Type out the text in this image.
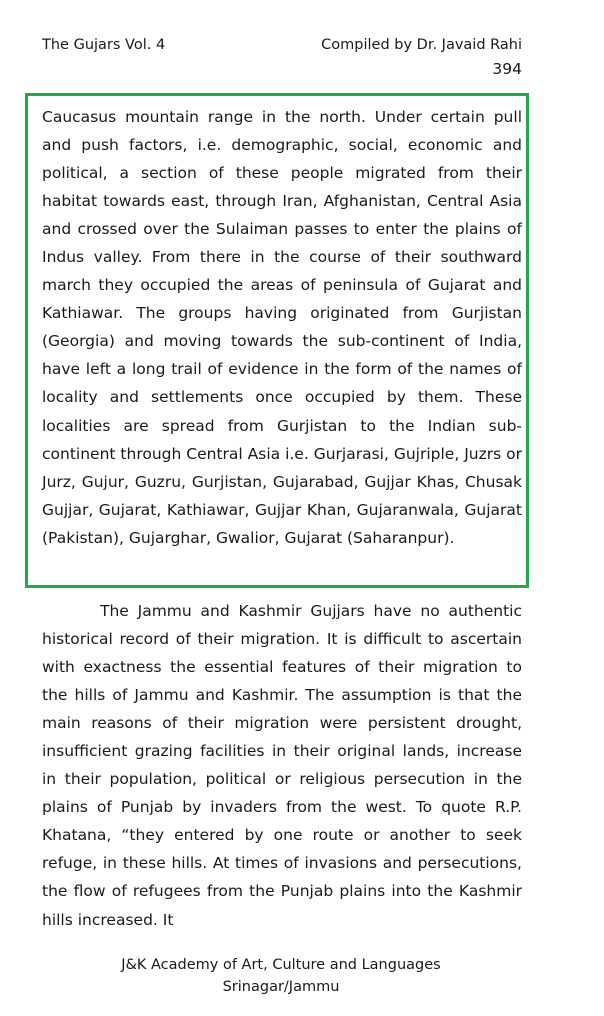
The Gujars Vol. 4	Compiled by Dr. Javaid Rahi
394

Caucasus mountain range in the north. Under certain pull and push factors, i.e. demographic, social, economic and political, a section of these people migrated from their habitat towards east, through Iran, Afghanistan, Central Asia and crossed over the Sulaiman passes to enter the plains of Indus valley. From there in the course of their southward march they occupied the areas of peninsula of Gujarat and Kathiawar. The groups having originated from Gurjistan (Georgia) and moving towards the sub-continent of India, have left a long trail of evidence in the form of the names of locality and settlements once occupied by them. These localities are spread from Gurjistan to the Indian sub-continent through Central Asia i.e. Gurjarasi, Gujriple, Juzrs or Jurz, Gujur, Guzru, Gurjistan, Gujarabad, Gujjar Khas, Chusak Gujjar, Gujarat, Kathiawar, Gujjar Khan, Gujaranwala, Gujarat (Pakistan), Gujarghar, Gwalior, Gujarat (Saharanpur).

The Jammu and Kashmir Gujjars have no authentic historical record of their migration. It is difficult to ascertain with exactness the essential features of their migration to the hills of Jammu and Kashmir. The assumption is that the main reasons of their migration were persistent drought, insufficient grazing facilities in their original lands, increase in their population, political or religious persecution in the plains of Punjab by invaders from the west. To quote R.P. Khatana, “they entered by one route or another to seek refuge, in these hills. At times of invasions and persecutions, the flow of refugees from the Punjab plains into the Kashmir hills increased. It

J&K Academy of Art, Culture and Languages
Srinagar/Jammu
